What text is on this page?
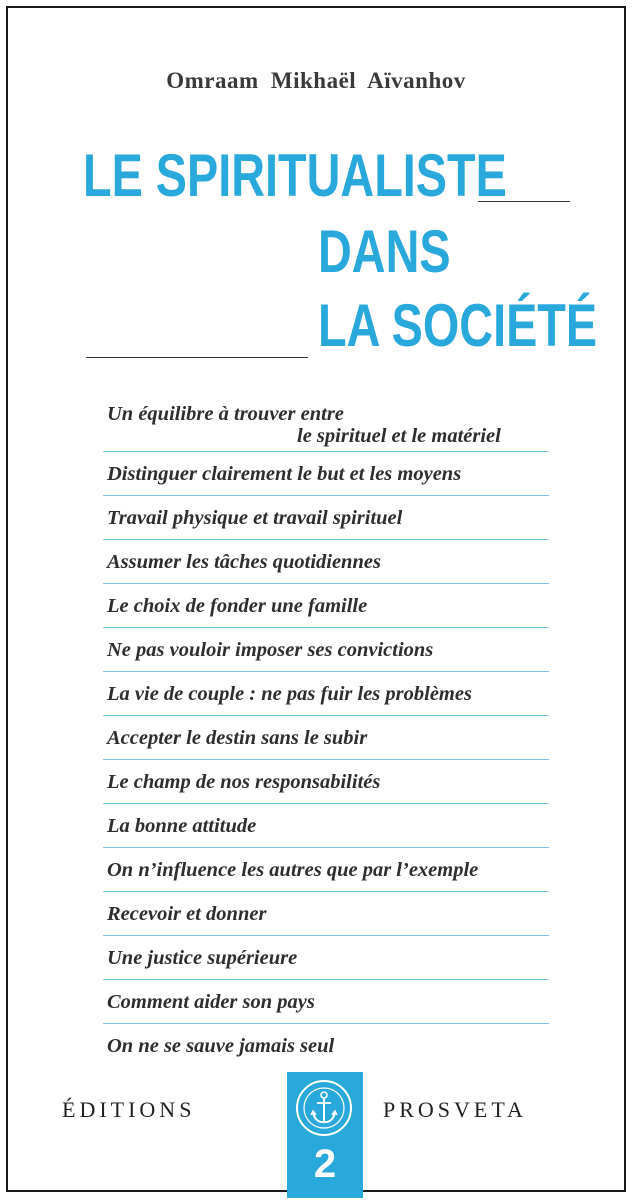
Omraam Mikhaël Aïvanhov
LE SPIRITUALISTE
DANS
LA SOCIÉTÉ
Un équilibre à trouver entre
le spirituel et le matériel
Distinguer clairement le but et les moyens
Travail physique et travail spirituel
Assumer les tâches quotidiennes
Le choix de fonder une famille
Ne pas vouloir imposer ses convictions
La vie de couple : ne pas fuir les problèmes
Accepter le destin sans le subir
Le champ de nos responsabilités
La bonne attitude
On n’influence les autres que par l’exemple
Recevoir et donner
Une justice supérieure
Comment aider son pays
On ne se sauve jamais seul
ÉDITIONS	PROSVETA
2
